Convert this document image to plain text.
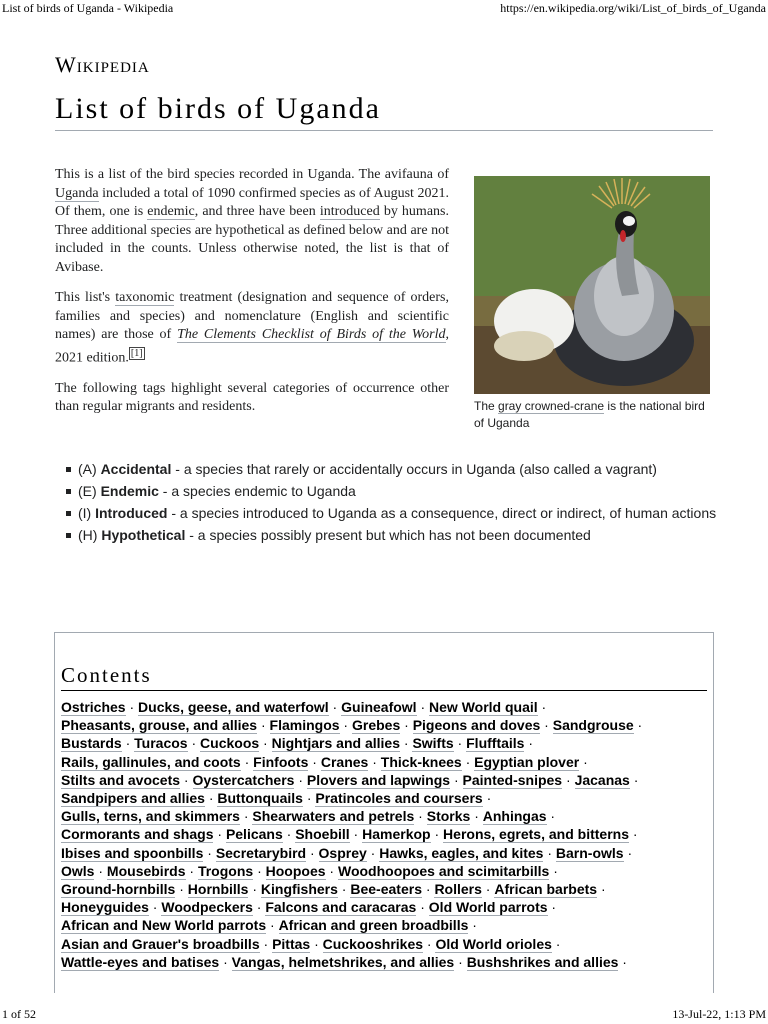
List of birds of Uganda - Wikipedia	https://en.wikipedia.org/wiki/List_of_birds_of_Uganda
Wikipedia
List of birds of Uganda

This is a list of the bird species recorded in Uganda. The avifauna of Uganda included a total of 1090 confirmed species as of August 2021. Of them, one is endemic, and three have been introduced by humans. Three additional species are hypothetical as defined below and are not included in the counts. Unless otherwise noted, the list is that of Avibase.

This list's taxonomic treatment (designation and sequence of orders, families and species) and nomenclature (English and scientific names) are those of The Clements Checklist of Birds of the World, 2021 edition. [1]

The following tags highlight several categories of occurrence other than regular migrants and residents.	The gray crowned-crane is the national bird of Uganda
(A) Accidental - a species that rarely or accidentally occurs in Uganda (also called a vagrant)
(E) Endemic - a species endemic to Uganda
(I) Introduced - a species introduced to Uganda as a consequence, direct or indirect, of human actions
(H) Hypothetical - a species possibly present but which has not been documented
Contents
Ostriches · Ducks, geese, and waterfowl · Guineafowl · New World quail ·
Pheasants, grouse, and allies · Flamingos · Grebes · Pigeons and doves · Sandgrouse ·
Bustards · Turacos · Cuckoos · Nightjars and allies · Swifts · Flufftails ·
Rails, gallinules, and coots · Finfoots · Cranes · Thick-knees · Egyptian plover ·
Stilts and avocets · Oystercatchers · Plovers and lapwings · Painted-snipes · Jacanas ·
Sandpipers and allies · Buttonquails · Pratincoles and coursers ·
Gulls, terns, and skimmers · Shearwaters and petrels · Storks · Anhingas ·
Cormorants and shags · Pelicans · Shoebill · Hamerkop · Herons, egrets, and bitterns ·
Ibises and spoonbills · Secretarybird · Osprey · Hawks, eagles, and kites · Barn-owls ·
Owls · Mousebirds · Trogons · Hoopoes · Woodhoopoes and scimitarbills ·
Ground-hornbills · Hornbills · Kingfishers · Bee-eaters · Rollers · African barbets ·
Honeyguides · Woodpeckers · Falcons and caracaras · Old World parrots ·
African and New World parrots · African and green broadbills ·
Asian and Grauer's broadbills · Pittas · Cuckooshrikes · Old World orioles ·
Wattle-eyes and batises · Vangas, helmetshrikes, and allies · Bushshrikes and allies ·
1 of 52	13-Jul-22, 1:13 PM
